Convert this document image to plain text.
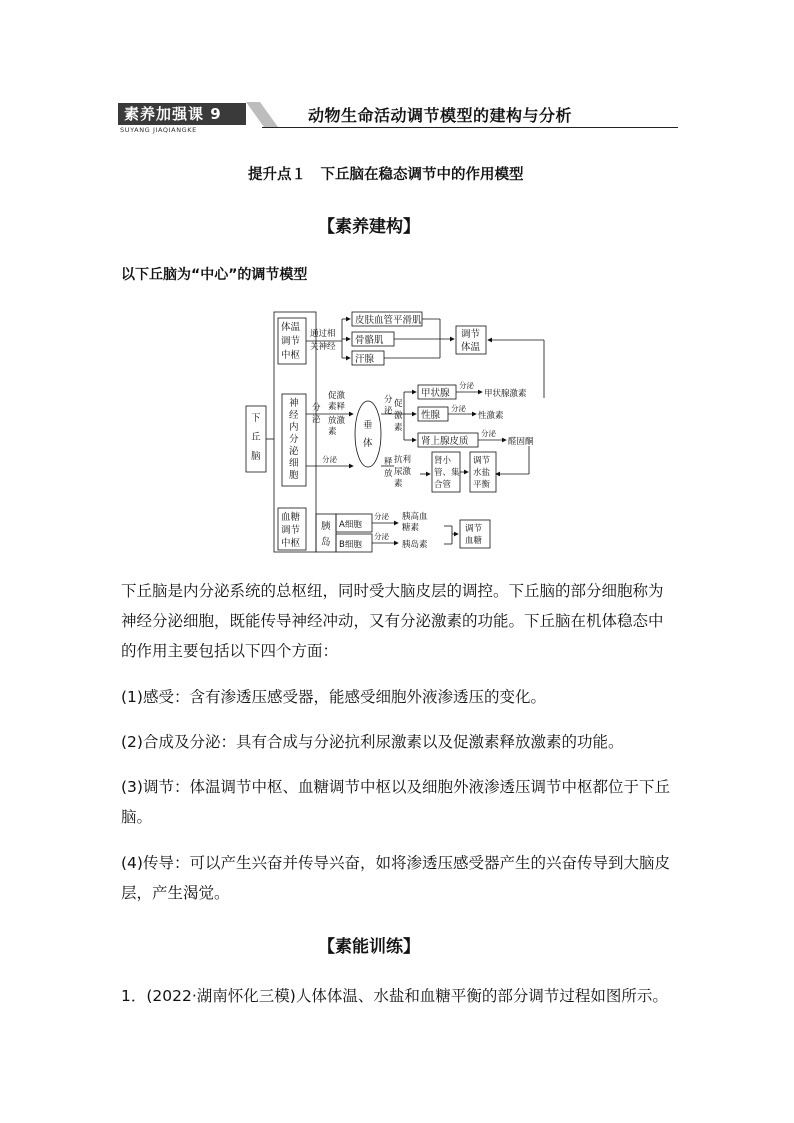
素养加强课 9
SUYANG JIAQIANGKE
动物生命活动调节模型的建构与分析
提升点１　下丘脑在稳态调节中的作用模型
【素养建构】
以下丘脑为“中心”的调节模型
下
丘
脑
体温
调节
中枢
神
经
内
分
泌
细
胞
血糖
调节
中枢
通过相
关神经
皮肤血管平滑肌
骨骼肌
汗腺
调节
体温
分
泌
促激
素释
放激
素
垂
体
分
泌
促
激
素
甲状腺
性腺
肾上腺皮质
分泌
分泌
分泌
甲状腺激素
性激素
醛固酮
分泌	释
放
抗利
尿激
素
肾小
管、集
合管
调节
水盐
平衡
胰
岛
A细胞
B细胞
分泌
分泌
胰高血
糖素
胰岛素
调节
血糖
下丘脑是内分泌系统的总枢纽，同时受大脑皮层的调控。下丘脑的部分细胞称为神经分泌细胞，既能传导神经冲动，又有分泌激素的功能。下丘脑在机体稳态中的作用主要包括以下四个方面：
(1)感受：含有渗透压感受器，能感受细胞外液渗透压的变化。
(2)合成及分泌：具有合成与分泌抗利尿激素以及促激素释放激素的功能。
(3)调节：体温调节中枢、血糖调节中枢以及细胞外液渗透压调节中枢都位于下丘脑。
(4)传导：可以产生兴奋并传导兴奋，如将渗透压感受器产生的兴奋传导到大脑皮层，产生渴觉。
【素能训练】
1．(2022·湖南怀化三模)人体体温、水盐和血糖平衡的部分调节过程如图所示。
